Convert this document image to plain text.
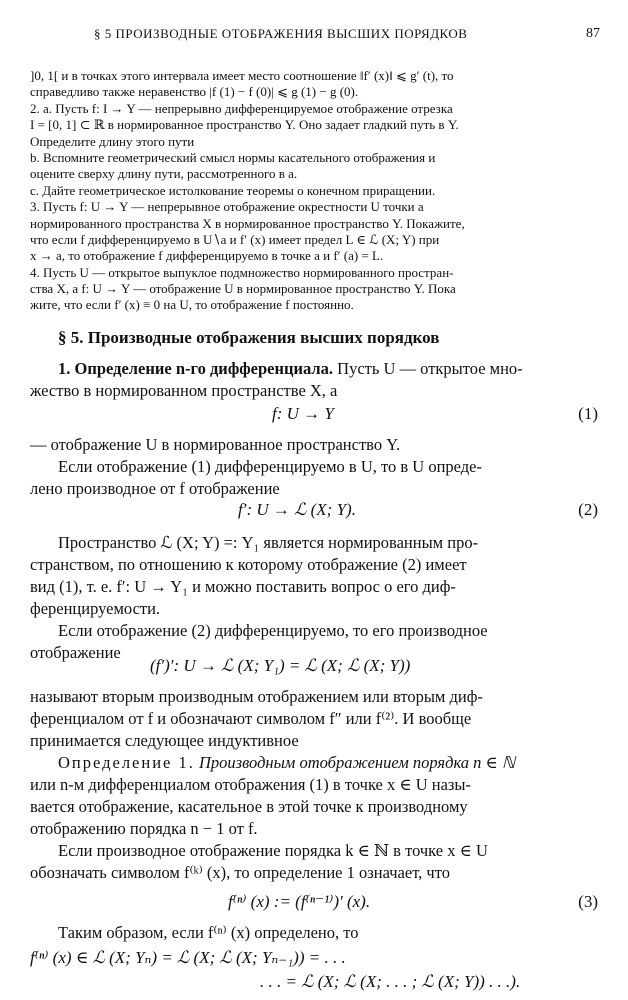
§ 5 ПРОИЗВОДНЫЕ ОТОБРАЖЕНИЯ ВЫСШИХ ПОРЯДКОВ	87
]0, 1[ и в точках этого интервала имеет место соотношение ‖f′ (x)‖ ⩽ g′ (t), то
справедливо также неравенство |f (1) − f (0)| ⩽ g (1) − g (0).
2. a. Пусть f: I → Y — непрерывно дифференцируемое отображение отрезка
I = [0, 1] ⊂ ℝ в нормированное пространство Y. Оно задает гладкий путь в Y.
Определите длину этого пути
b. Вспомните геометрический смысл нормы касательного отображения и
оцените сверху длину пути, рассмотренного в a.
c. Дайте геометрическое истолкование теоремы о конечном приращении.
3. Пусть f: U → Y — непрерывное отображение окрестности U точки a
нормированного пространства X в нормированное пространство Y. Покажите,
что если f дифференцируемо в U∖a и f′ (x) имеет предел L ∈ ℒ (X; Y) при
x → a, то отображение f дифференцируемо в точке a и f′ (a) = L.
4. Пусть U — открытое выпуклое подмножество нормированного простран-
ства X, а f: U → Y — отображение U в нормированное пространство Y. Пока
жите, что если f′ (x) ≡ 0 на U, то отображение f постоянно.
§ 5. Производные отображения высших порядков
1. Определение n-го дифференциала. Пусть U — открытое мно-
жество в нормированном пространстве X, а
f: U → Y	(1)
— отображение U в нормированное пространство Y.
Если отображение (1) дифференцируемо в U, то в U опреде-
лено производное от f отображение
f′: U → ℒ (X; Y).	(2)
Пространство ℒ (X; Y) =: Y₁ является нормированным про-
странством, по отношению к которому отображение (2) имеет
вид (1), т. е. f′: U → Y₁ и можно поставить вопрос о его диф-
ференцируемости.
Если отображение (2) дифференцируемо, то его производное
отображение
(f′)′: U → ℒ (X; Y₁) = ℒ (X; ℒ (X; Y))
называют вторым производным отображением или вторым диф-
ференциалом от f и обозначают символом f″ или f⁽²⁾. И вообще
принимается следующее индуктивное
Определение 1. Производным отображением порядка n ∈ ℕ
или n-м дифференциалом отображения (1) в точке x ∈ U назы-
вается отображение, касательное в этой точке к производному
отображению порядка n − 1 от f.
Если производное отображение порядка k ∈ ℕ в точке x ∈ U
обозначать символом f⁽ᵏ⁾ (x), то определение 1 означает, что
f⁽ⁿ⁾ (x) := (f⁽ⁿ⁻¹⁾)′ (x).	(3)
Таким образом, если f⁽ⁿ⁾ (x) определено, то
f⁽ⁿ⁾ (x) ∈ ℒ (X; Yₙ) = ℒ (X; ℒ (X; Yₙ₋₁)) = . . .
. . . = ℒ (X; ℒ (X; . . . ; ℒ (X; Y)) . . .).
